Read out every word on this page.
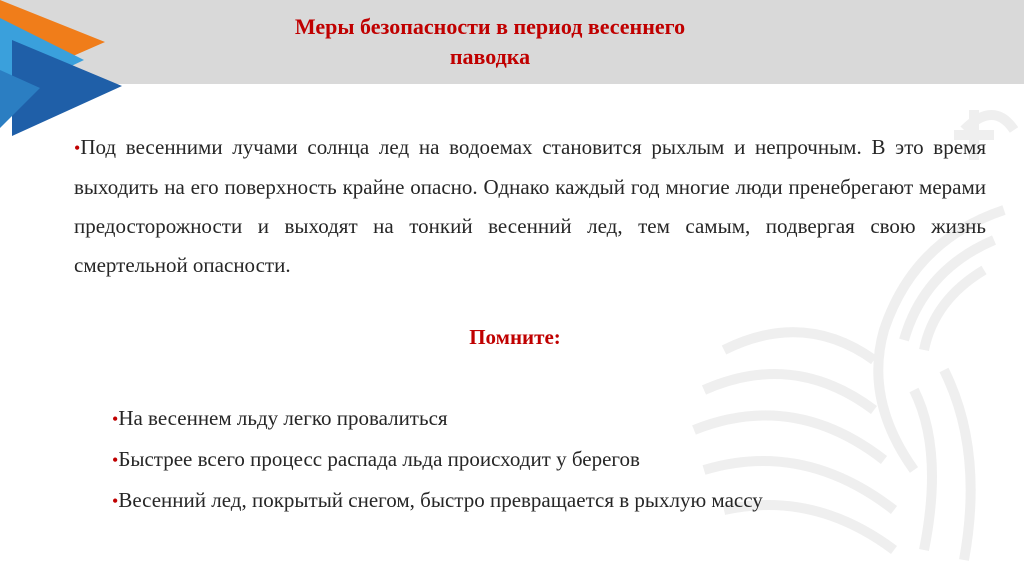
Меры безопасности в период весеннего
паводка

•Под весенними лучами солнца лед на водоемах становится рыхлым и непрочным. В это время выходить на его поверхность крайне опасно. Однако каждый год многие люди пренебрегают мерами предосторожности и выходят на тонкий весенний лед, тем самым, подвергая свою жизнь смертельной опасности.

Помните:

•На весеннем льду легко провалиться
•Быстрее всего процесс распада льда происходит у берегов
•Весенний лед, покрытый снегом, быстро превращается в рыхлую массу
